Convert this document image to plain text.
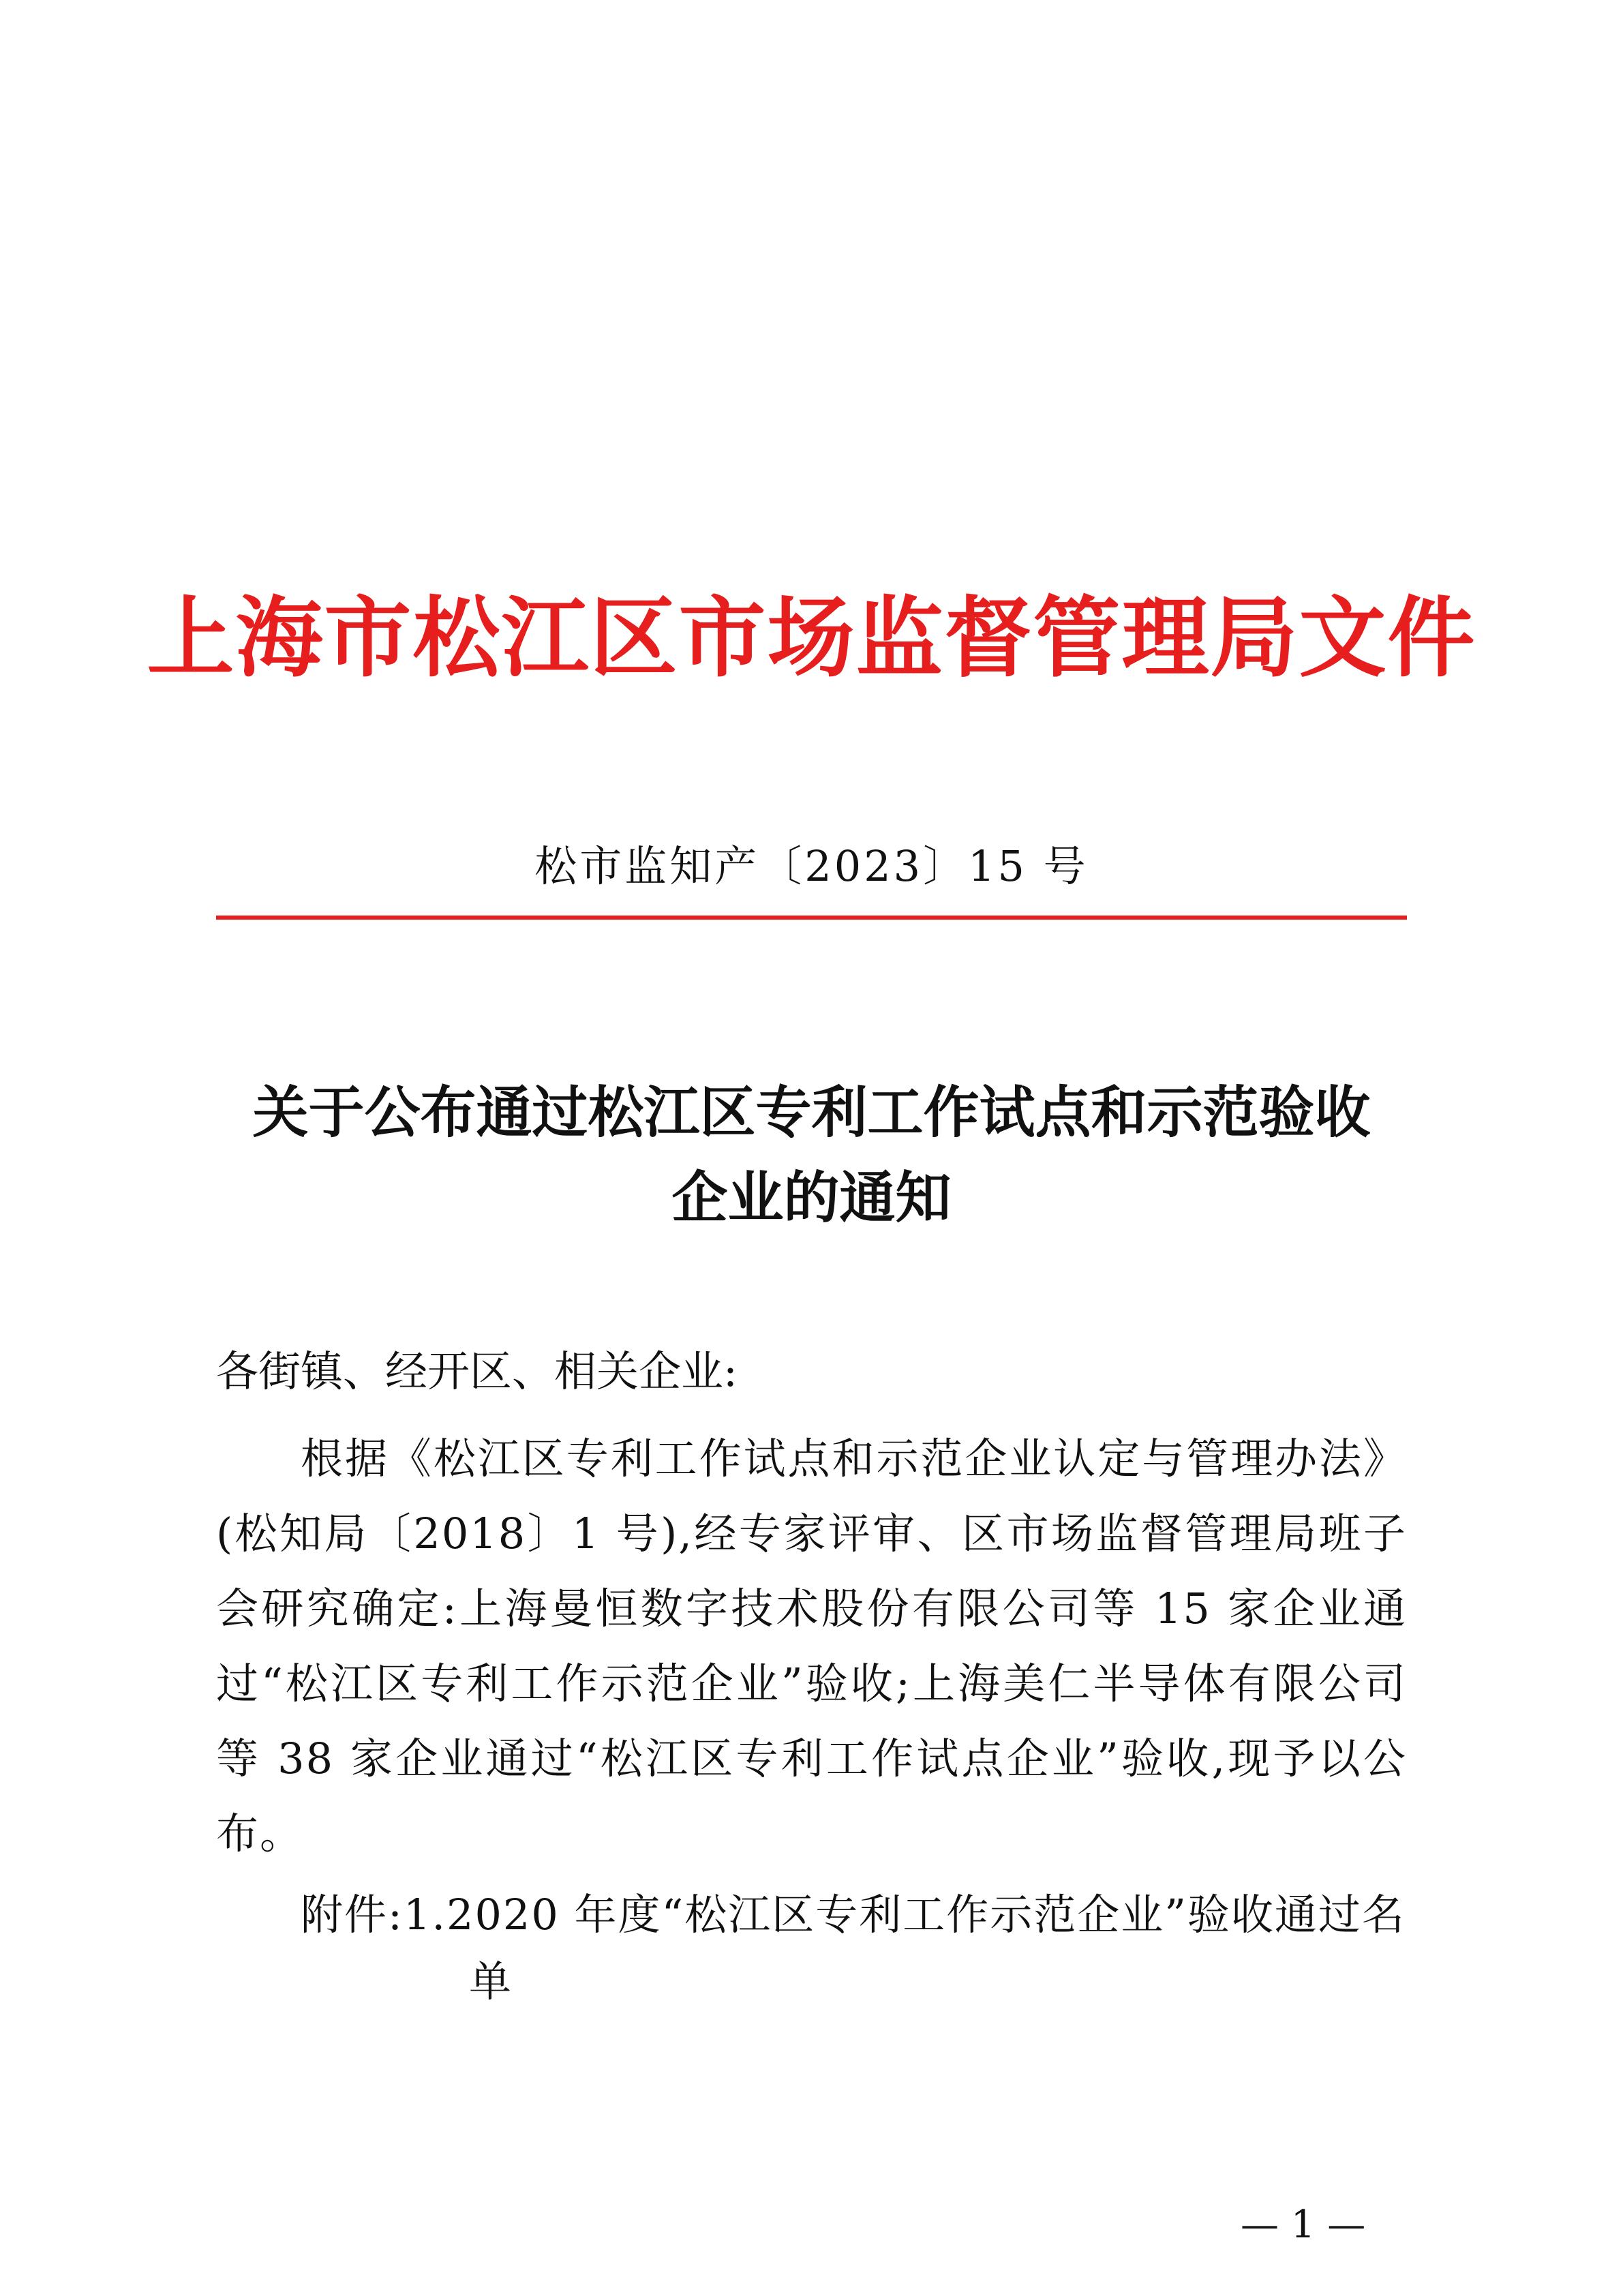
上海市松江区市场监督管理局文件
松市监知产〔2023〕15 号
关于公布通过松江区专利工作试点和示范验收
企业的通知
各街镇、经开区、相关企业:
根据《松江区专利工作试点和示范企业认定与管理办法》(松知局〔2018〕1 号),经专家评审、区市场监督管理局班子会研究确定:上海曼恒数字技术股份有限公司等 15 家企业通过“松江区专利工作示范企业”验收;上海美仁半导体有限公司等 38 家企业通过“松江区专利工作试点企业”验收,现予以公布。
附件:1.2020 年度“松江区专利工作示范企业”验收通过名
单
— 1 —
